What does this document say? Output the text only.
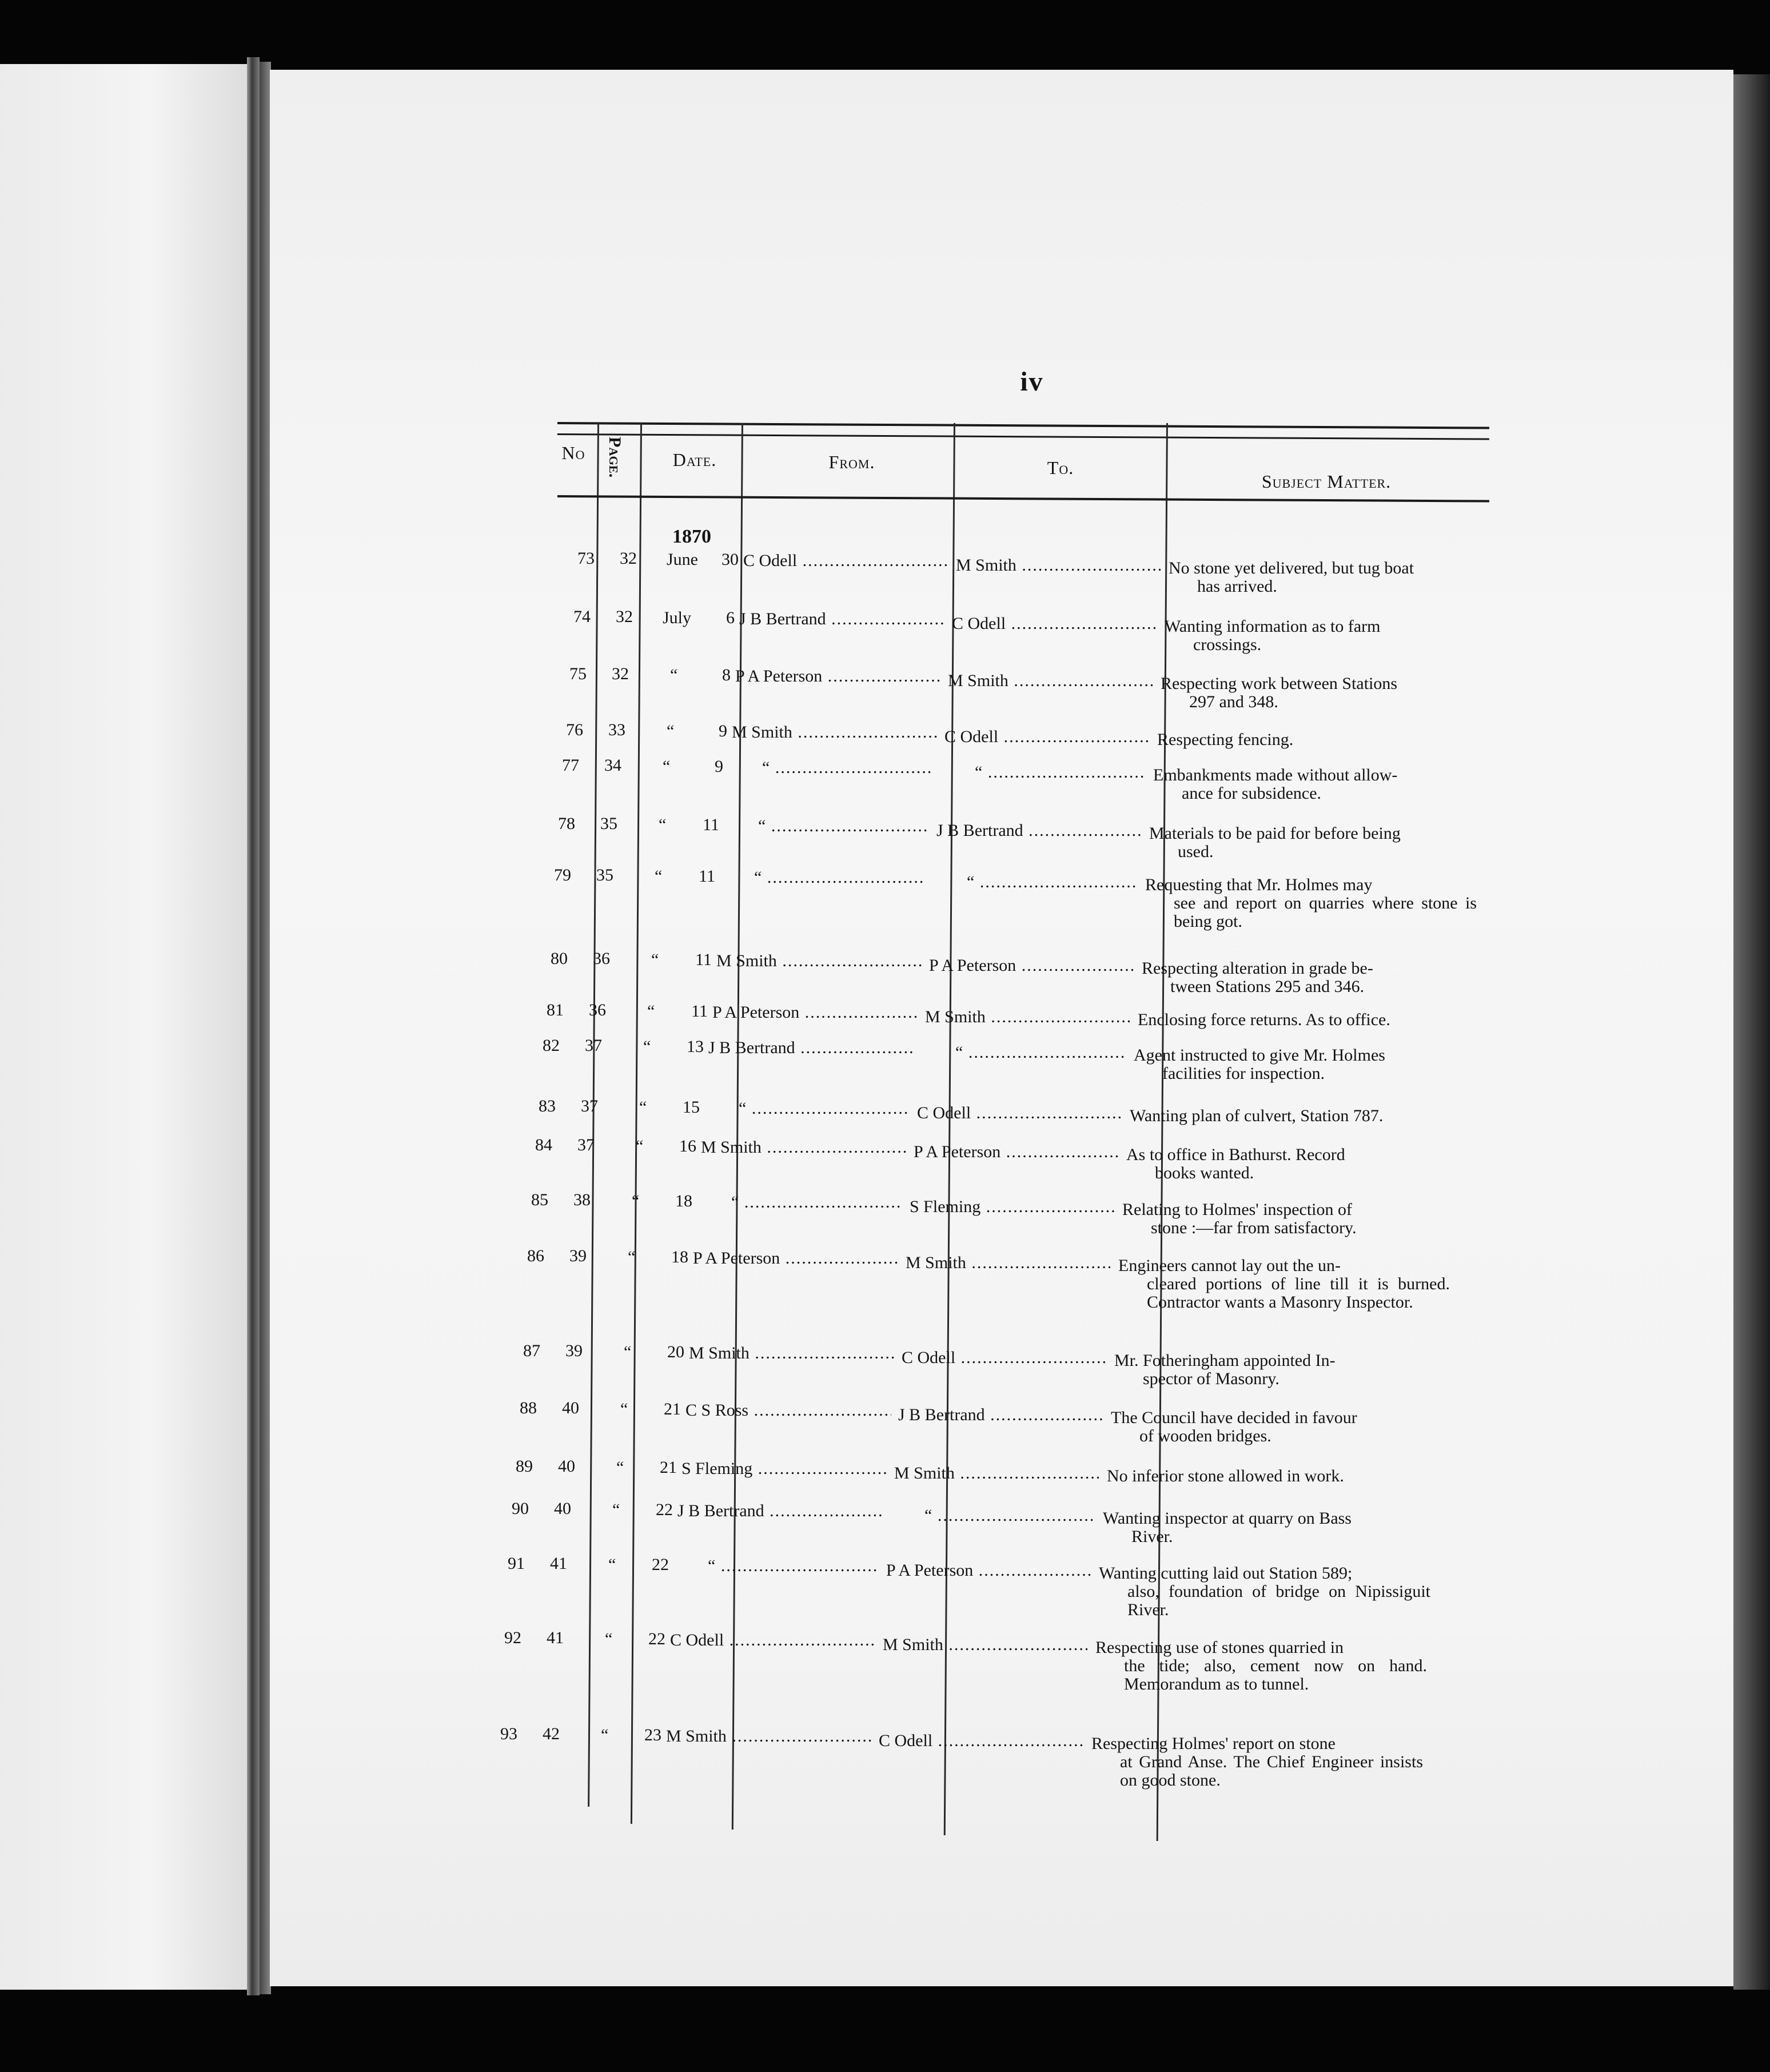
iv
No	Page.	Date.	From.	To.
Subject Matter.
1870
73	32 June	30 C Odell .....	M Smith .....	No stone yet delivered, but tug boat
has arrived.
74	32 July	6 J B Bertrand .....	C Odell .....	Wanting information as to farm
crossings.
75	32 “	8 P A Peterson .....	M Smith .....	Respecting work between Stations
297 and 348.
76	33 “	9 M Smith .....	C Odell .....	Respecting fencing.
77	34 “	9	“ .....	“ .....	Embankments made without allow-
ance for subsidence.
78	35 “	11	“ .....	J B Bertrand .....	Materials to be paid for before being
used.
79	35 “	11	“ .....	“ .....	Requesting that Mr. Holmes may
see and report on quarries where stone is being got.
80	36 “	11 M Smith .....	P A Peterson .....	Respecting alteration in grade be-
tween Stations 295 and 346.
81	36 “	11 P A Peterson .....	M Smith .....	Enclosing force returns. As to office.
82	37 “	13 J B Bertrand .....	“ .....	Agent instructed to give Mr. Holmes
facilities for inspection.
83	37 “	15	“ .....	C Odell .....	Wanting plan of culvert, Station 787.
84	37 “	16 M Smith .....	P A Peterson .....	As to office in Bathurst. Record
books wanted.
85	38 “	18	“ .....	S Fleming .....	Relating to Holmes' inspection of
stone :—far from satisfactory.
86	39 “	18 P A Peterson .....	M Smith .....	Engineers cannot lay out the un-
cleared portions of line till it is burned. Contractor wants a Masonry Inspector.
87	39 “	20 M Smith .....	C Odell .....	Mr. Fotheringham appointed In-
spector of Masonry.
88	40 “	21 C S Ross .....	J B Bertrand .....	The Council have decided in favour
of wooden bridges.
89	40 “	21 S Fleming .....	M Smith .....	No inferior stone allowed in work.
90	40 “	22 J B Bertrand .....	“ .....	Wanting inspector at quarry on Bass
River.
91	41 “	22	“ .....	P A Peterson .....	Wanting cutting laid out Station 589;
also, foundation of bridge on Nipissiguit River.
92	41 “	22 C Odell .....	M Smith .....	Respecting use of stones quarried in
the tide; also, cement now on hand. Memorandum as to tunnel.
93	42 “	23 M Smith .....	C Odell .....	Respecting Holmes' report on stone
at Grand Anse. The Chief Engineer insists on good stone.
